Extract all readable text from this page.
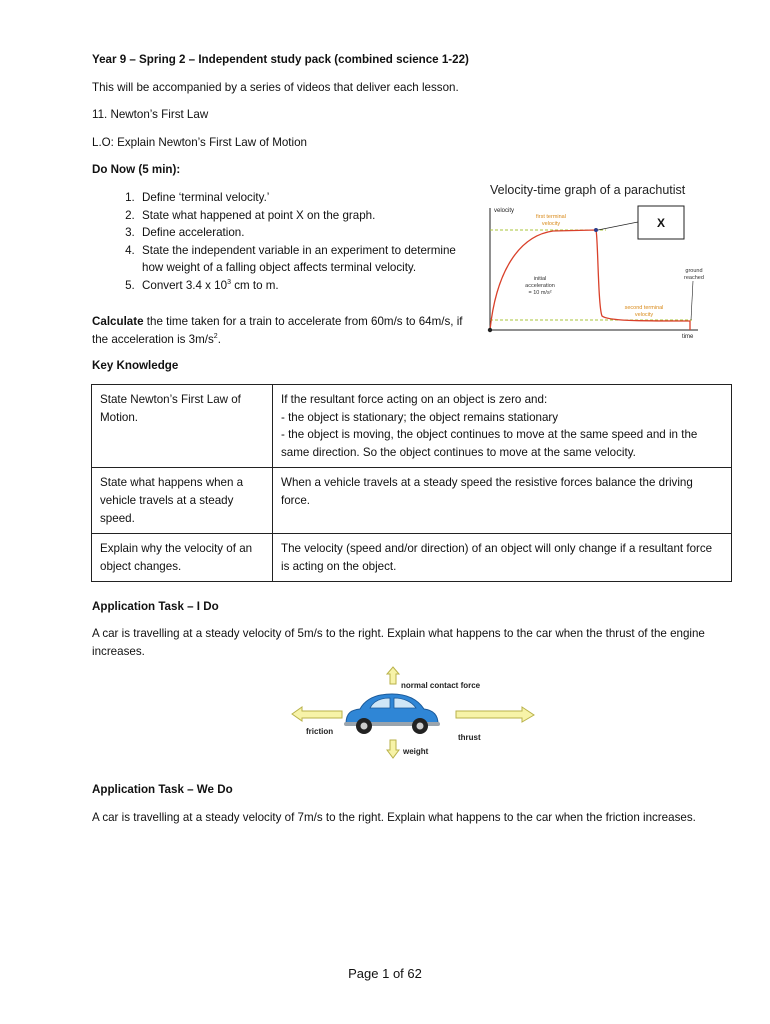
Year 9 – Spring 2 – Independent study pack (combined science 1-22)
This will be accompanied by a series of videos that deliver each lesson.
11. Newton’s First Law
L.O: Explain Newton’s First Law of Motion
Do Now (5 min):
1. Define ‘terminal velocity.’
2. State what happened at point X on the graph.
3. Define acceleration.
4. State the independent variable in an experiment to determine how weight of a falling object affects terminal velocity.
5. Convert 3.4 x $10^3$ cm to m.
Calculate the time taken for a train to accelerate from 60m/s to 64m/s, if the acceleration is $3m/s^2$.
Velocity-time graph of a parachutist
velocity
time
X
first terminal
velocity
initial
acceleration
= 10 m/s²
ground
reached
second terminal
velocity
Key Knowledge
State Newton’s First Law of Motion.	If the resultant force acting on an object is zero and:
- the object is stationary; the object remains stationary
- the object is moving, the object continues to move at the same speed and in the same direction. So the object continues to move at the same velocity.

State what happens when a vehicle travels at a steady speed.	When a vehicle travels at a steady speed the resistive forces balance the driving force.

Explain why the velocity of an object changes.	The velocity (speed and/or direction) of an object will only change if a resultant force is acting on the object.
Application Task – I Do
A car is travelling at a steady velocity of 5m/s to the right. Explain what happens to the car when the thrust of the engine increases.
normal contact force
friction
thrust
weight
Application Task – We Do
A car is travelling at a steady velocity of 7m/s to the right. Explain what happens to the car when the friction increases.
Page 1 of 62
